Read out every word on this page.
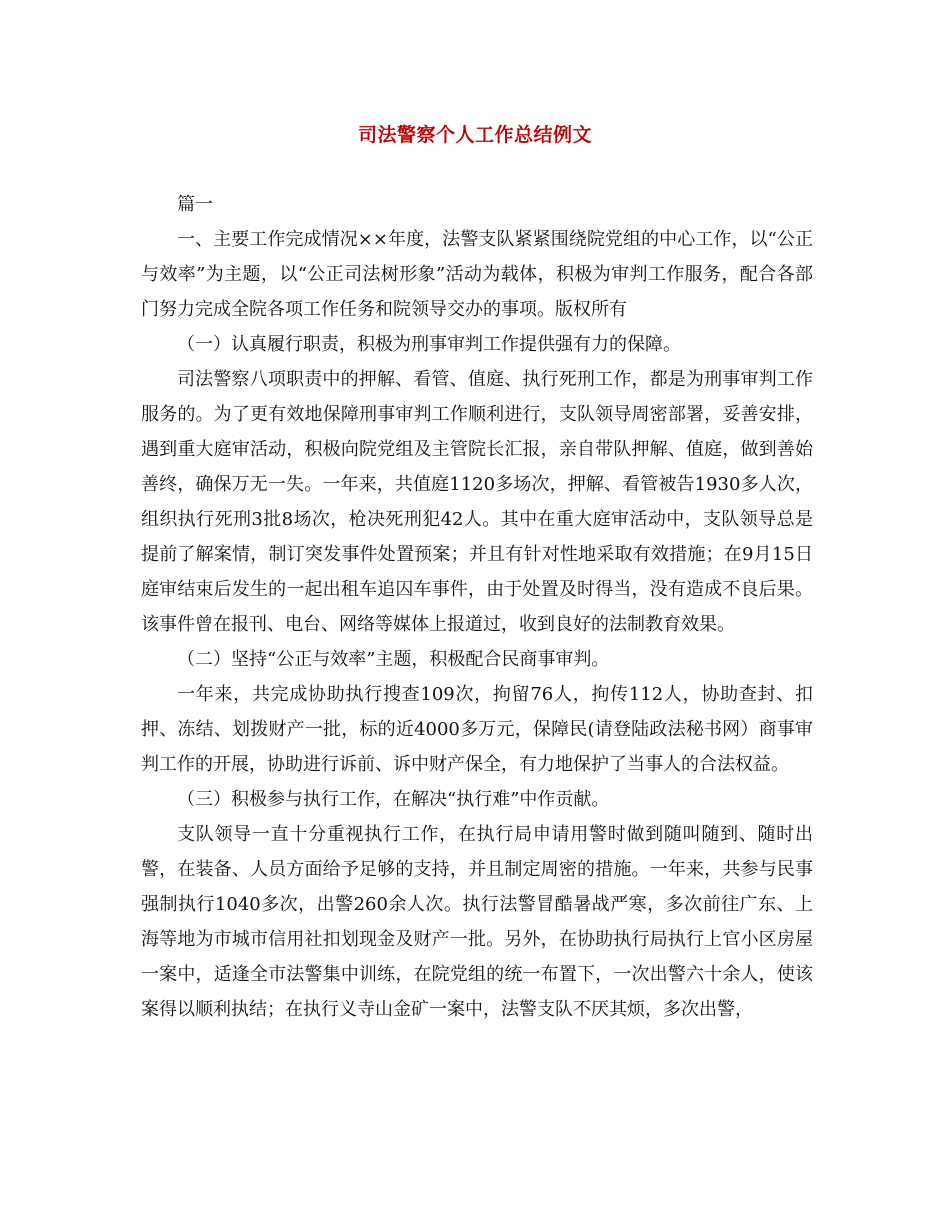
司法警察个人工作总结例文

篇一

一、主要工作完成情况××年度，法警支队紧紧围绕院党组的中心工作，以“公正与效率”为主题，以“公正司法树形象”活动为载体，积极为审判工作服务，配合各部门努力完成全院各项工作任务和院领导交办的事项。版权所有

（一）认真履行职责，积极为刑事审判工作提供强有力的保障。

司法警察八项职责中的押解、看管、值庭、执行死刑工作，都是为刑事审判工作服务的。为了更有效地保障刑事审判工作顺利进行，支队领导周密部署，妥善安排，遇到重大庭审活动，积极向院党组及主管院长汇报，亲自带队押解、值庭，做到善始善终，确保万无一失。一年来，共值庭1120多场次，押解、看管被告1930多人次，组织执行死刑3批8场次，枪决死刑犯42人。其中在重大庭审活动中，支队领导总是提前了解案情，制订突发事件处置预案；并且有针对性地采取有效措施；在9月15日庭审结束后发生的一起出租车追囚车事件，由于处置及时得当，没有造成不良后果。该事件曾在报刊、电台、网络等媒体上报道过，收到良好的法制教育效果。

（二）坚持“公正与效率”主题，积极配合民商事审判。

一年来，共完成协助执行搜查109次，拘留76人，拘传112人，协助查封、扣押、冻结、划拨财产一批，标的近4000多万元，保障民(请登陆政法秘书网）商事审判工作的开展，协助进行诉前、诉中财产保全，有力地保护了当事人的合法权益。

（三）积极参与执行工作，在解决“执行难”中作贡献。

支队领导一直十分重视执行工作，在执行局申请用警时做到随叫随到、随时出警，在装备、人员方面给予足够的支持，并且制定周密的措施。一年来，共参与民事强制执行1040多次，出警260余人次。执行法警冒酷暑战严寒，多次前往广东、上海等地为市城市信用社扣划现金及财产一批。另外，在协助执行局执行上官小区房屋一案中，适逢全市法警集中训练，在院党组的统一布置下，一次出警六十余人，使该案得以顺利执结；在执行义寺山金矿一案中，法警支队不厌其烦，多次出警，
